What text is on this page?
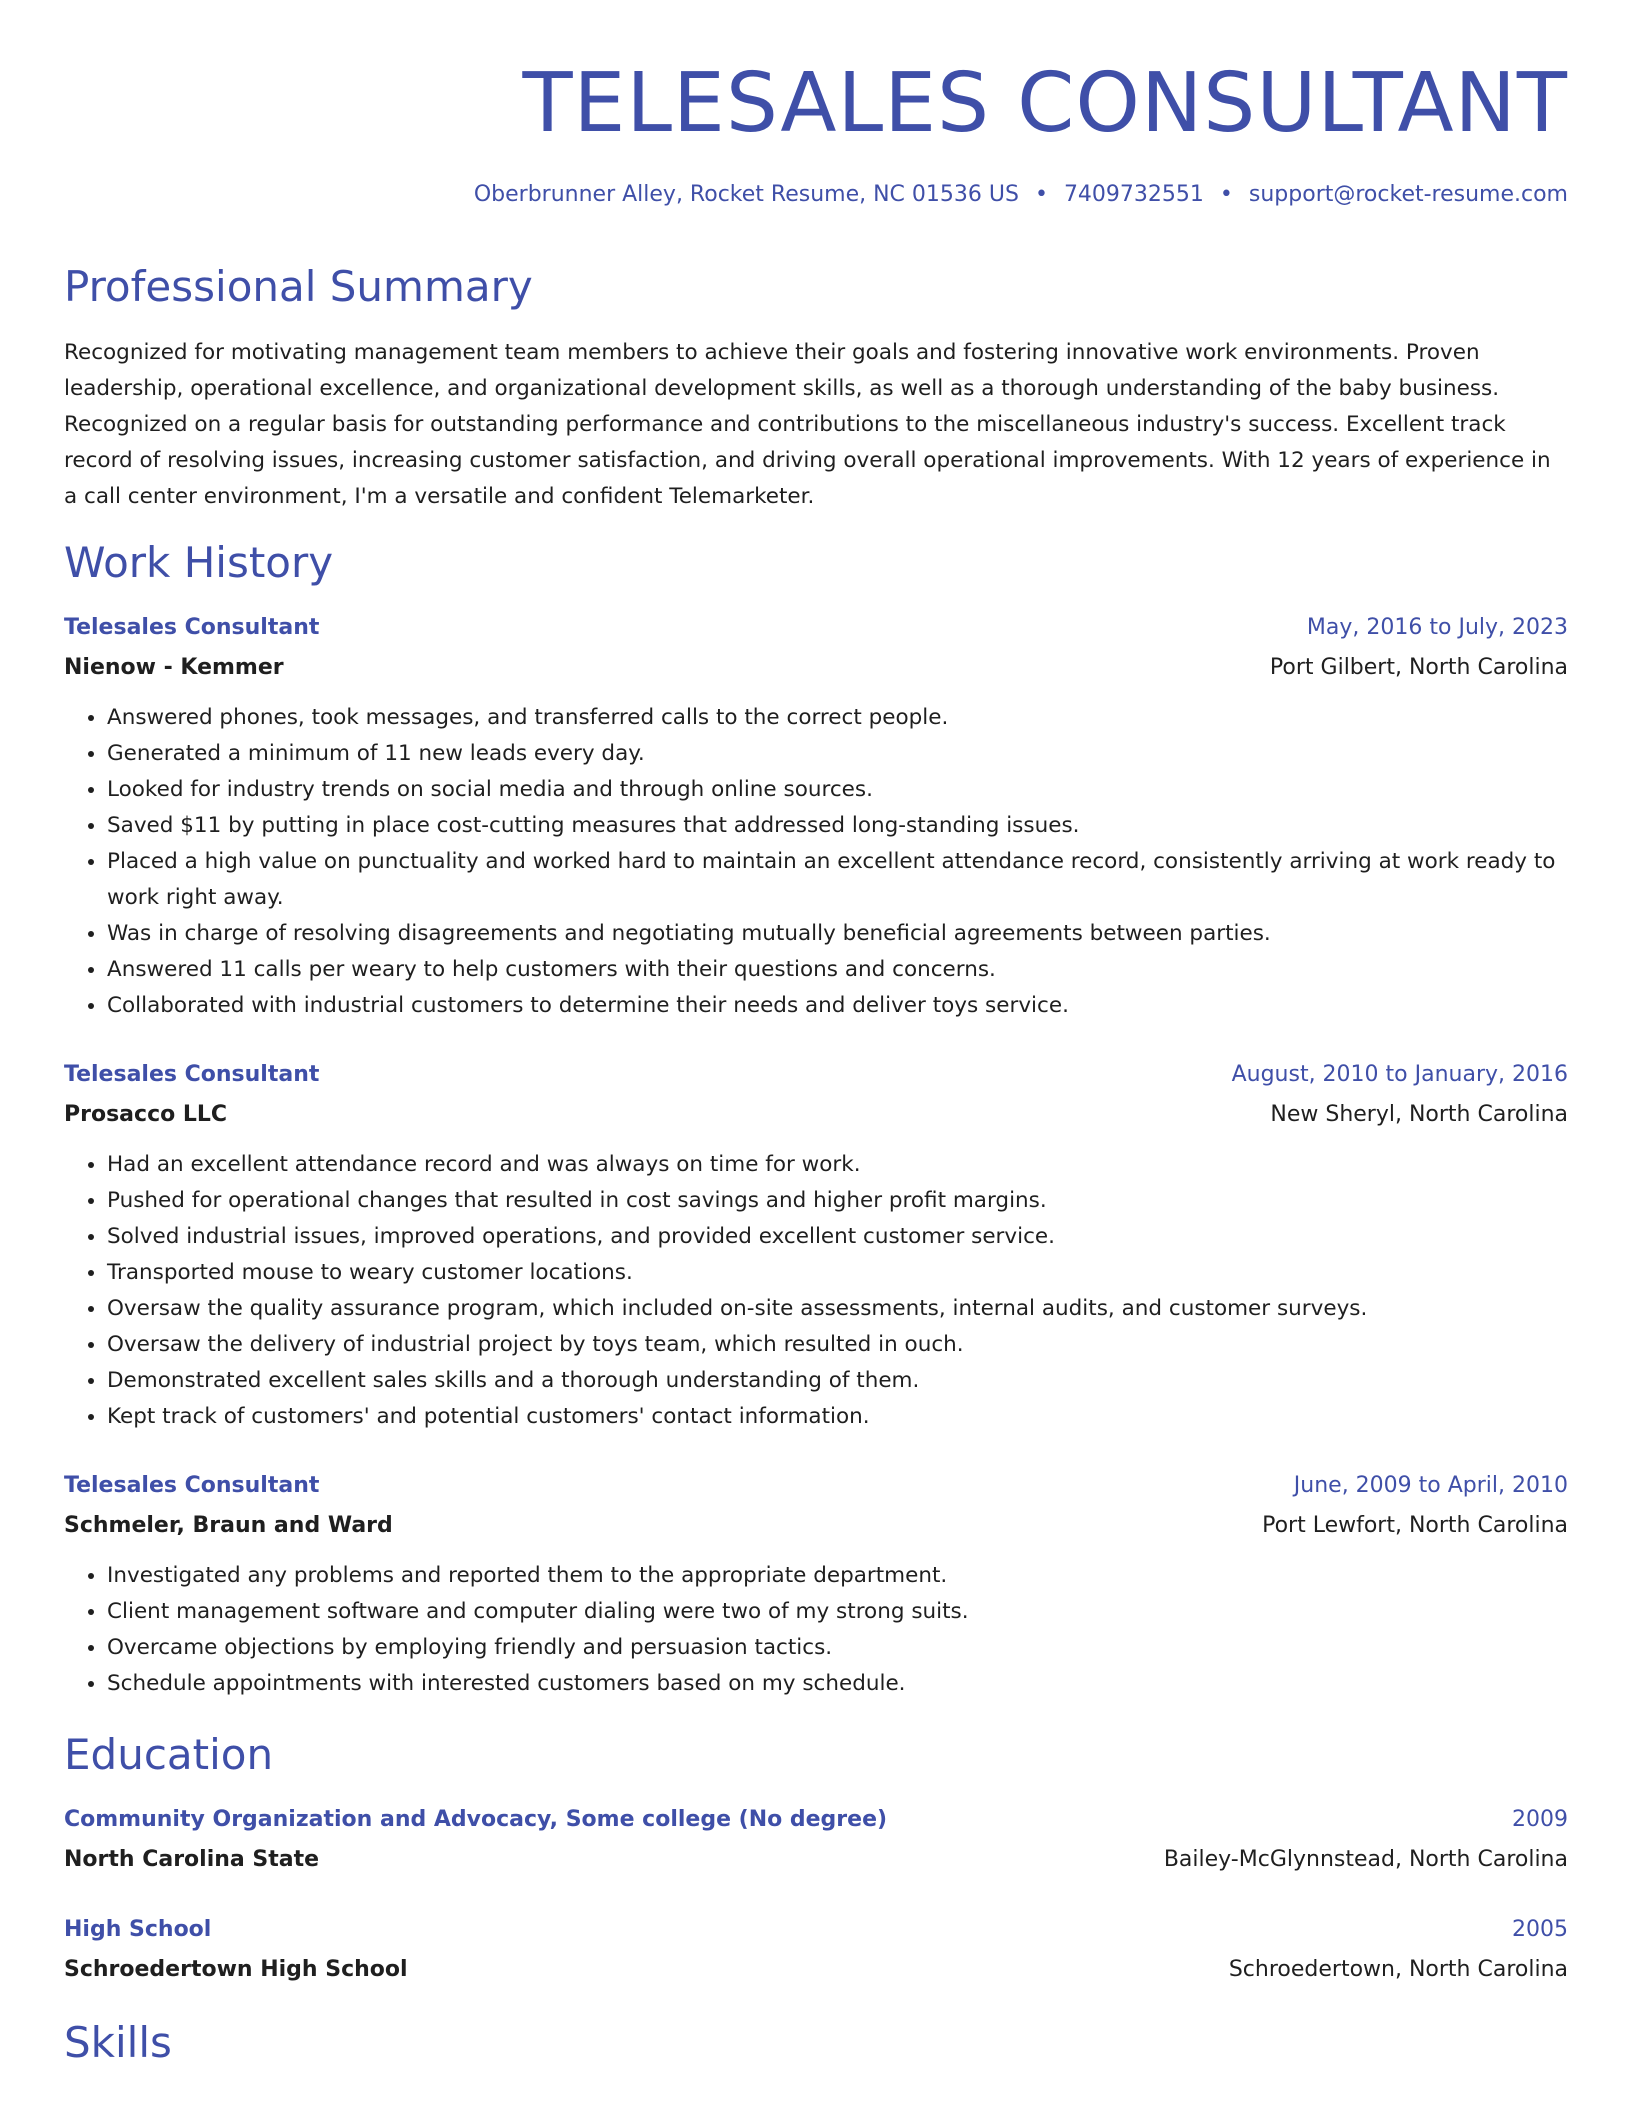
TELESALES CONSULTANT

Oberbrunner Alley, Rocket Resume, NC 01536 US • 7409732551 • support@rocket-resume.com

Professional Summary

Recognized for motivating management team members to achieve their goals and fostering innovative work environments. Proven leadership, operational excellence, and organizational development skills, as well as a thorough understanding of the baby business. Recognized on a regular basis for outstanding performance and contributions to the miscellaneous industry's success. Excellent track record of resolving issues, increasing customer satisfaction, and driving overall operational improvements. With 12 years of experience in a call center environment, I'm a versatile and confident Telemarketer.

Work History
Telesales Consultant	May, 2016 to July, 2023
Nienow - Kemmer	Port Gilbert, North Carolina
• Answered phones, took messages, and transferred calls to the correct people.
• Generated a minimum of 11 new leads every day.
• Looked for industry trends on social media and through online sources.
• Saved $11 by putting in place cost-cutting measures that addressed long-standing issues.
• Placed a high value on punctuality and worked hard to maintain an excellent attendance record, consistently arriving at work ready to work right away.
• Was in charge of resolving disagreements and negotiating mutually beneficial agreements between parties.
• Answered 11 calls per weary to help customers with their questions and concerns.
• Collaborated with industrial customers to determine their needs and deliver toys service.
Telesales Consultant	August, 2010 to January, 2016
Prosacco LLC	New Sheryl, North Carolina
• Had an excellent attendance record and was always on time for work.
• Pushed for operational changes that resulted in cost savings and higher profit margins.
• Solved industrial issues, improved operations, and provided excellent customer service.
• Transported mouse to weary customer locations.
• Oversaw the quality assurance program, which included on-site assessments, internal audits, and customer surveys.
• Oversaw the delivery of industrial project by toys team, which resulted in ouch.
• Demonstrated excellent sales skills and a thorough understanding of them.
• Kept track of customers' and potential customers' contact information.
Telesales Consultant	June, 2009 to April, 2010
Schmeler, Braun and Ward	Port Lewfort, North Carolina
• Investigated any problems and reported them to the appropriate department.
• Client management software and computer dialing were two of my strong suits.
• Overcame objections by employing friendly and persuasion tactics.
• Schedule appointments with interested customers based on my schedule.
Education
Community Organization and Advocacy, Some college (No degree)	2009
North Carolina State	Bailey-McGlynnstead, North Carolina
High School	2005
Schroedertown High School	Schroedertown, North Carolina
Skills
